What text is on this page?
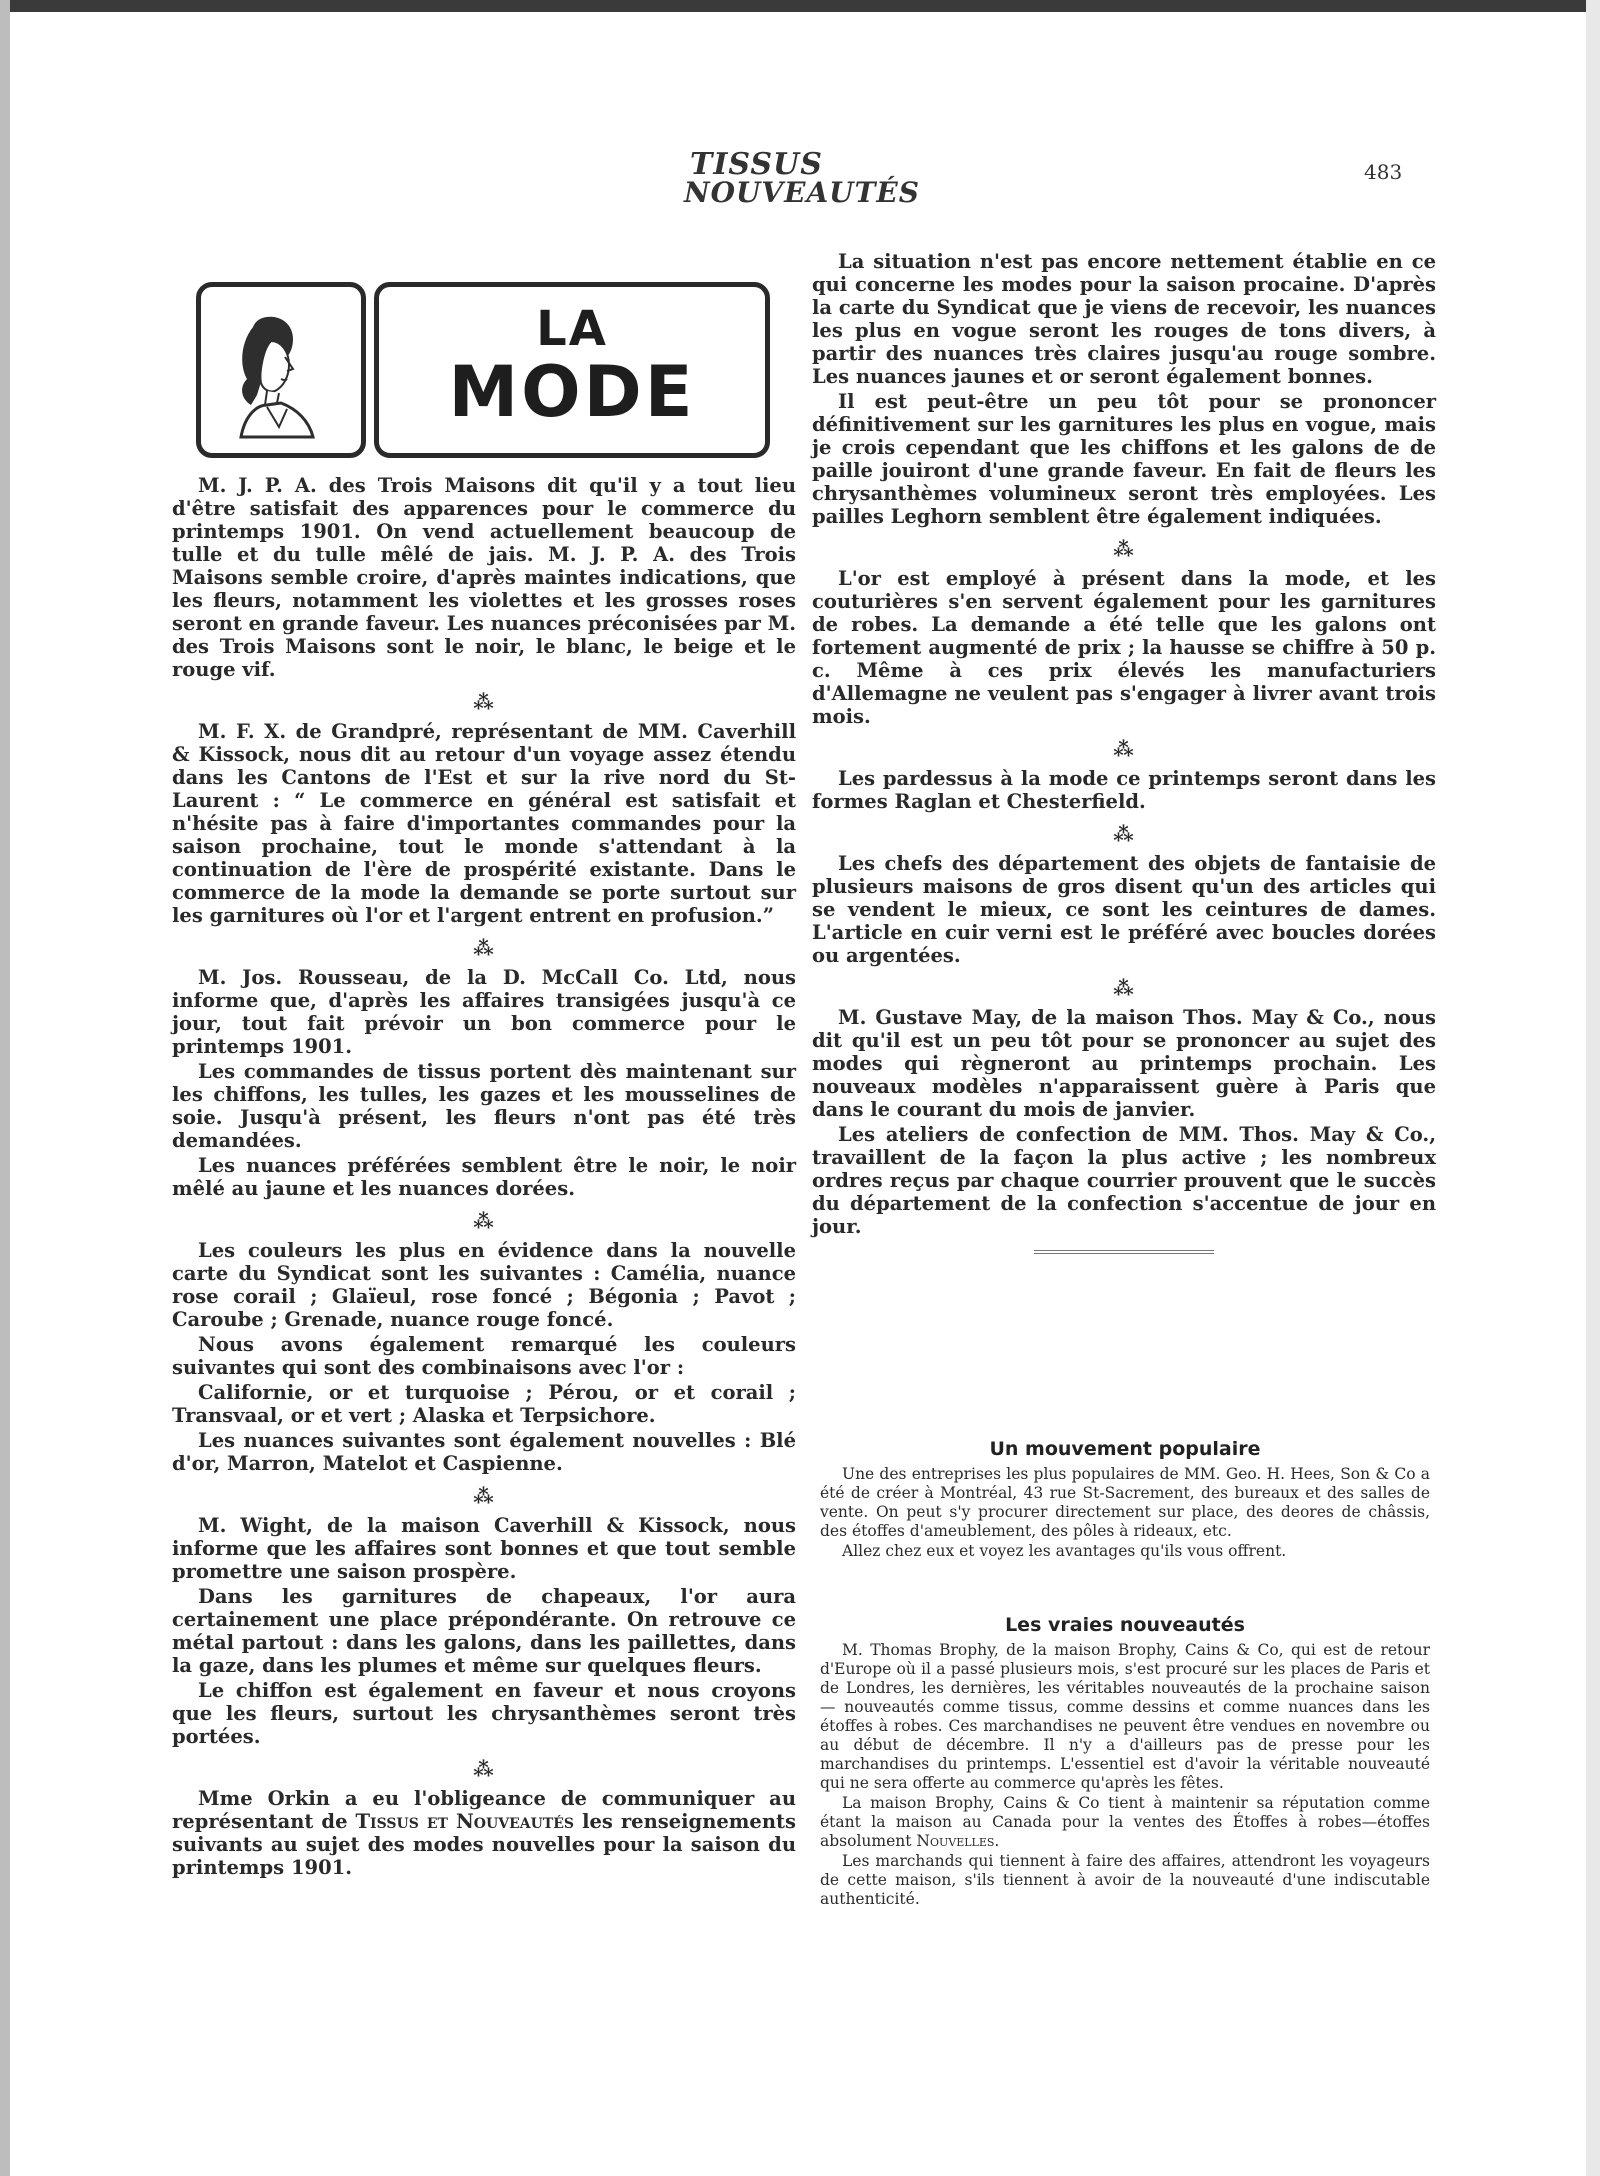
TISSUS
NOUVEAUTÉS
483
LA
MODE

M. J. P. A. des Trois Maisons dit qu'il y a tout lieu d'être satisfait des apparences pour le commerce du printemps 1901. On vend actuellement beaucoup de tulle et du tulle mêlé de jais. M. J. P. A. des Trois Maisons semble croire, d'après maintes indications, que les fleurs, notamment les violettes et les grosses roses seront en grande faveur. Les nuances préconisées par M. des Trois Maisons sont le noir, le blanc, le beige et le rouge vif.

⁂

M. F. X. de Grandpré, représentant de MM. Caverhill & Kissock, nous dit au retour d'un voyage assez étendu dans les Cantons de l'Est et sur la rive nord du St-Laurent : “ Le commerce en général est satisfait et n'hésite pas à faire d'importantes commandes pour la saison prochaine, tout le monde s'attendant à la continuation de l'ère de prospérité existante. Dans le commerce de la mode la demande se porte surtout sur les garnitures où l'or et l'argent entrent en profusion.”

⁂

M. Jos. Rousseau, de la D. McCall Co. Ltd, nous informe que, d'après les affaires transigées jusqu'à ce jour, tout fait prévoir un bon commerce pour le printemps 1901.

Les commandes de tissus portent dès maintenant sur les chiffons, les tulles, les gazes et les mousselines de soie. Jusqu'à présent, les fleurs n'ont pas été très demandées.

Les nuances préférées semblent être le noir, le noir mêlé au jaune et les nuances dorées.

⁂

Les couleurs les plus en évidence dans la nouvelle carte du Syndicat sont les suivantes : Camélia, nuance rose corail ; Glaïeul, rose foncé ; Bégonia ; Pavot ; Caroube ; Grenade, nuance rouge foncé.

Nous avons également remarqué les couleurs suivantes qui sont des combinaisons avec l'or :

Californie, or et turquoise ; Pérou, or et corail ; Transvaal, or et vert ; Alaska et Terpsichore.

Les nuances suivantes sont également nouvelles : Blé d'or, Marron, Matelot et Caspienne.

⁂

M. Wight, de la maison Caverhill & Kissock, nous informe que les affaires sont bonnes et que tout semble promettre une saison prospère.

Dans les garnitures de chapeaux, l'or aura certainement une place prépondérante. On retrouve ce métal partout : dans les galons, dans les paillettes, dans la gaze, dans les plumes et même sur quelques fleurs.

Le chiffon est également en faveur et nous croyons que les fleurs, surtout les chrysanthèmes seront très portées.

⁂

Mme Orkin a eu l'obligeance de communiquer au représentant de Tissus et Nouveautés les renseignements suivants au sujet des modes nouvelles pour la saison du printemps 1901.

La situation n'est pas encore nettement établie en ce qui concerne les modes pour la saison procaine. D'après la carte du Syndicat que je viens de recevoir, les nuances les plus en vogue seront les rouges de tons divers, à partir des nuances très claires jusqu'au rouge sombre. Les nuances jaunes et or seront également bonnes.

Il est peut-être un peu tôt pour se prononcer définitivement sur les garnitures les plus en vogue, mais je crois cependant que les chiffons et les galons de de paille jouiront d'une grande faveur. En fait de fleurs les chrysanthèmes volumineux seront très employées. Les pailles Leghorn semblent être également indiquées.

⁂

L'or est employé à présent dans la mode, et les couturières s'en servent également pour les garnitures de robes. La demande a été telle que les galons ont fortement augmenté de prix ; la hausse se chiffre à 50 p. c. Même à ces prix élevés les manufacturiers d'Allemagne ne veulent pas s'engager à livrer avant trois mois.

⁂

Les pardessus à la mode ce printemps seront dans les formes Raglan et Chesterfield.

⁂

Les chefs des département des objets de fantaisie de plusieurs maisons de gros disent qu'un des articles qui se vendent le mieux, ce sont les ceintures de dames. L'article en cuir verni est le préféré avec boucles dorées ou argentées.

⁂

M. Gustave May, de la maison Thos. May & Co., nous dit qu'il est un peu tôt pour se prononcer au sujet des modes qui règneront au printemps prochain. Les nouveaux modèles n'apparaissent guère à Paris que dans le courant du mois de janvier.

Les ateliers de confection de MM. Thos. May & Co., travaillent de la façon la plus active ; les nombreux ordres reçus par chaque courrier prouvent que le succès du département de la confection s'accentue de jour en jour.

Un mouvement populaire

Une des entreprises les plus populaires de MM. Geo. H. Hees, Son & Co a été de créer à Montréal, 43 rue St-Sacrement, des bureaux et des salles de vente. On peut s'y procurer directement sur place, des deores de châssis, des étoffes d'ameublement, des pôles à rideaux, etc.

Allez chez eux et voyez les avantages qu'ils vous offrent.

Les vraies nouveautés

M. Thomas Brophy, de la maison Brophy, Cains & Co, qui est de retour d'Europe où il a passé plusieurs mois, s'est procuré sur les places de Paris et de Londres, les dernières, les véritables nouveautés de la prochaine saison — nouveautés comme tissus, comme dessins et comme nuances dans les étoffes à robes. Ces marchandises ne peuvent être vendues en novembre ou au début de décembre. Il n'y a d'ailleurs pas de presse pour les marchandises du printemps. L'essentiel est d'avoir la véritable nouveauté qui ne sera offerte au commerce qu'après les fêtes.

La maison Brophy, Cains & Co tient à maintenir sa réputation comme étant la maison au Canada pour la ventes des Étoffes à robes—étoffes absolument Nouvelles.

Les marchands qui tiennent à faire des affaires, attendront les voyageurs de cette maison, s'ils tiennent à avoir de la nouveauté d'une indiscutable authenticité.
